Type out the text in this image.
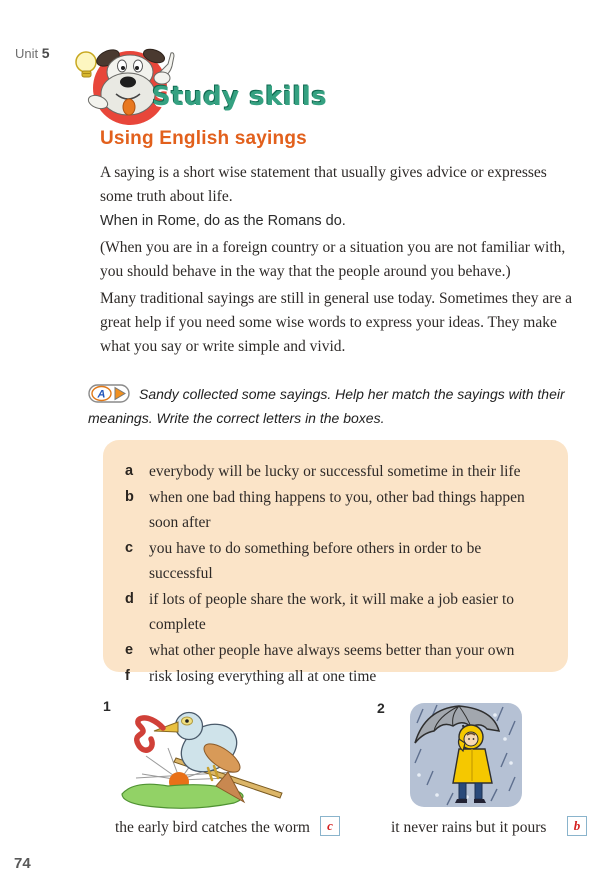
Unit 5
Study skills
Using English sayings
A saying is a short wise statement that usually gives advice or expresses some truth about life.
When in Rome, do as the Romans do.
(When you are in a foreign country or a situation you are not familiar with, you should behave in the way that the people around you behave.)
Many traditional sayings are still in general use today. Sometimes they are a great help if you need some wise words to express your ideas. They make what you say or write simple and vivid.
A Sandy collected some sayings. Help her match the sayings with their meanings. Write the correct letters in the boxes.
a	everybody will be lucky or successful sometime in their life
b when one bad thing happens to you, other bad things happen soon after
c	you have to do something before others in order to be successful
d if lots of people share the work, it will make a job easier to complete
e	what other people have always seems better than your own
f	risk losing everything all at one time
1	2
the early bird catches the worm	c	it never rains but it pours	b
74
